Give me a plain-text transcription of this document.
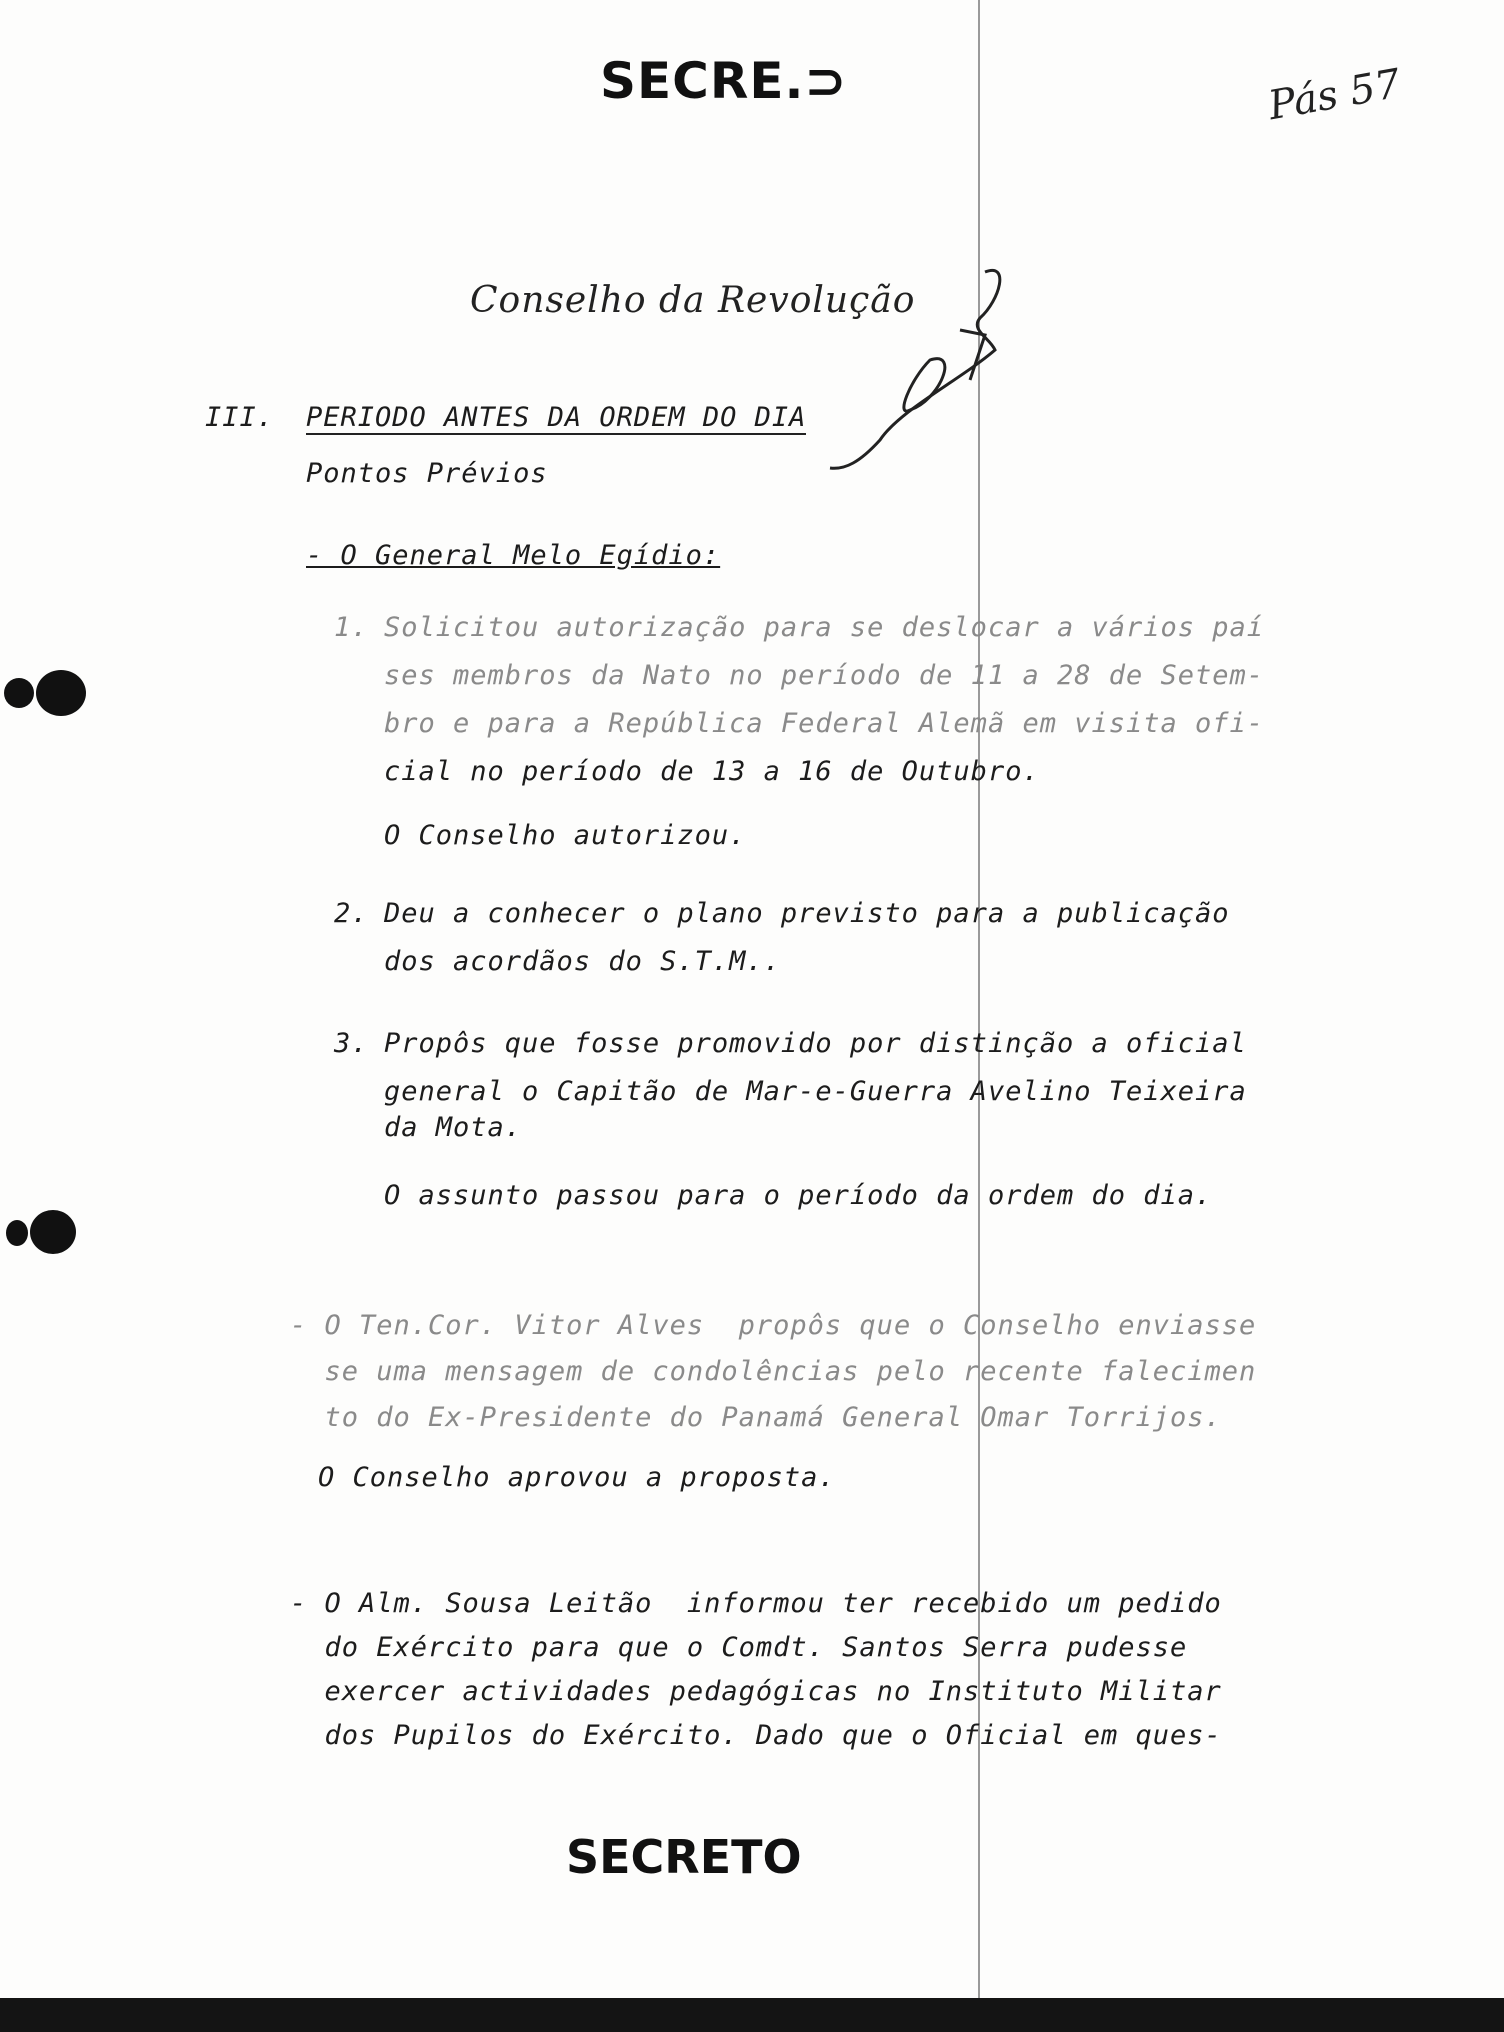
SECRE.⊃	Pás 57
Conselho da Revolução
III. PERIODO ANTES DA ORDEM DO DIA
Pontos Prévios
- O General Melo Egídio:
1. Solicitou autorização para se deslocar a vários paí
ses membros da Nato no período de 11 a 28 de Setem-
bro e para a República Federal Alemã em visita ofi-
cial no período de 13 a 16 de Outubro.
O Conselho autorizou.
2. Deu a conhecer o plano previsto para a publicação
dos acordãos do S.T.M..
3. Propôs que fosse promovido por distinção a oficial
general o Capitão de Mar-e-Guerra Avelino Teixeira
da Mota.
O assunto passou para o período da ordem do dia.
- O Ten.Cor. Vitor Alves  propôs que o Conselho enviasse
se uma mensagem de condolências pelo recente falecimen
to do Ex-Presidente do Panamá General Omar Torrijos.
O Conselho aprovou a proposta.
- O Alm. Sousa Leitão  informou ter recebido um pedido
do Exército para que o Comdt. Santos Serra pudesse
exercer actividades pedagógicas no Instituto Militar
dos Pupilos do Exército. Dado que o Oficial em ques-
SECRETO
